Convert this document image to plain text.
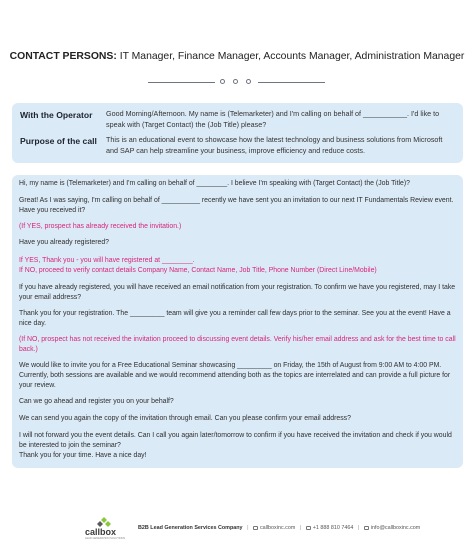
CONTACT PERSONS: IT Manager, Finance Manager, Accounts Manager, Administration Manager
With the Operator Good Morning/Afternoon. My name is (Telemarketer) and I'm calling on behalf of ___________. I'd like to speak with (Target Contact) the (Job Title) please?
Purpose of the call This is an educational event to showcase how the latest technology and business solutions from Microsoft and SAP can help streamline your business, improve efficiency and reduce costs.
Hi, my name is (Telemarketer) and I'm calling on behalf of ________. I believe I'm speaking with (Target Contact) the (Job Title)?
Great! As I was saying, I'm calling on behalf of __________ recently we have sent you an invitation to our next IT Fundamentals Review event. Have you received it?
(If YES, prospect has already received the invitation.)
Have you already registered?
If YES, Thank you - you will have registered at ________.
If NO, proceed to verify contact details Company Name, Contact Name, Job Title, Phone Number (Direct Line/Mobile)
If you have already registered, you will have received an email notification from your registration. To confirm we have you registered, may I take your email address?
Thank you for your registration. The _________ team will give you a reminder call few days prior to the seminar. See you at the event! Have a nice day.
(If NO, prospect has not received the invitation proceed to discussing event details. Verify his/her email address and ask for the best time to call back.)
We would like to invite you for a Free Educational Seminar showcasing _________ on Friday, the 15th of August from 9:00 AM to 4:00 PM. Currently, both sessions are available and we would recommend attending both as the topics are interrelated and can provide a full picture for your review.
Can we go ahead and register you on your behalf?
We can send you again the copy of the invitation through email. Can you please confirm your email address?
I will not forward you the event details. Can I call you again later/tomorrow to confirm if you have received the invitation and check if you would be interested to join the seminar?
Thank you for your time. Have a nice day!
callbox
LEAD GENERATION SOLUTIONS
B2B Lead Generation Services Company | callboxinc.com | +1 888 810 7464 | info@callboxinc.com
